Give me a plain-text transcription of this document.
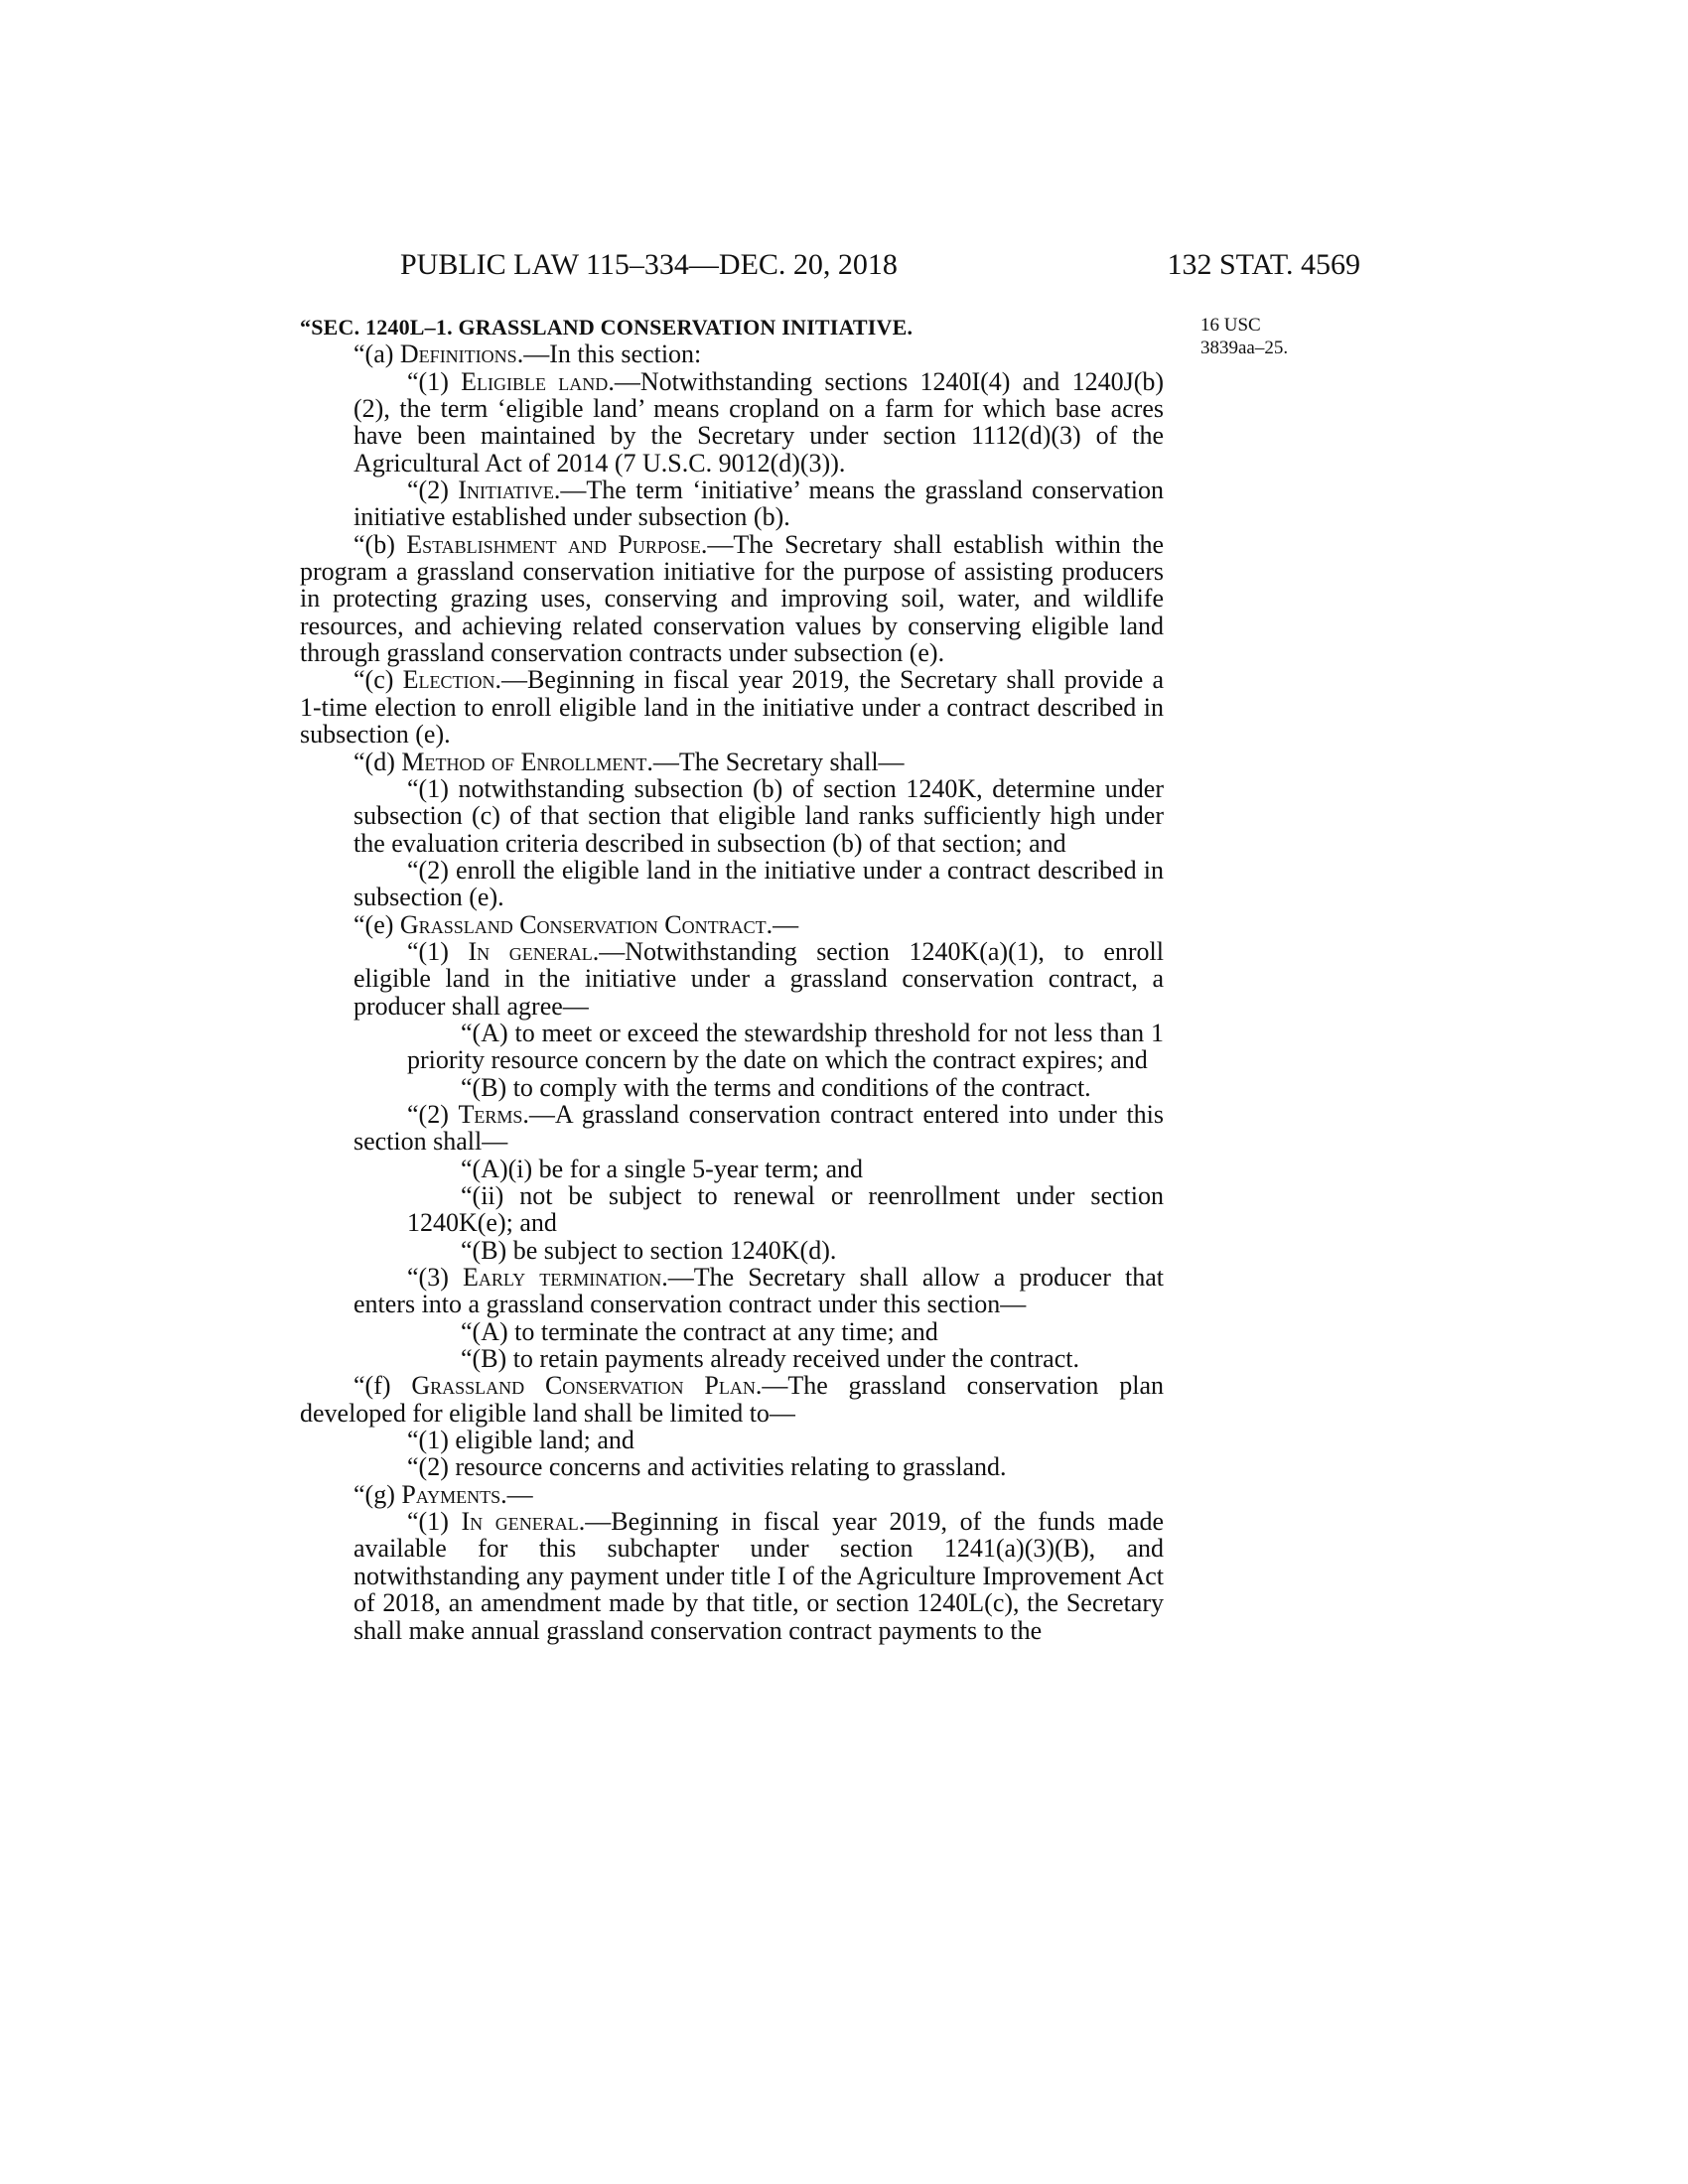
PUBLIC LAW 115–334—DEC. 20, 2018	132 STAT. 4569
16 USC
3839aa–25.

“SEC. 1240L–1. GRASSLAND CONSERVATION INITIATIVE.

“(a) Definitions.—In this section:

“(1) Eligible land.—Notwithstanding sections 1240I(4) and 1240J(b)(2), the term ‘eligible land’ means cropland on a farm for which base acres have been maintained by the Secretary under section 1112(d)(3) of the Agricultural Act of 2014 (7 U.S.C. 9012(d)(3)).

“(2) Initiative.—The term ‘initiative’ means the grassland conservation initiative established under subsection (b).

“(b) Establishment and Purpose.—The Secretary shall establish within the program a grassland conservation initiative for the purpose of assisting producers in protecting grazing uses, conserving and improving soil, water, and wildlife resources, and achieving related conservation values by conserving eligible land through grassland conservation contracts under subsection (e).

“(c) Election.—Beginning in fiscal year 2019, the Secretary shall provide a 1-time election to enroll eligible land in the initiative under a contract described in subsection (e).

“(d) Method of Enrollment.—The Secretary shall—

“(1) notwithstanding subsection (b) of section 1240K, determine under subsection (c) of that section that eligible land ranks sufficiently high under the evaluation criteria described in subsection (b) of that section; and

“(2) enroll the eligible land in the initiative under a contract described in subsection (e).

“(e) Grassland Conservation Contract.—

“(1) In general.—Notwithstanding section 1240K(a)(1), to enroll eligible land in the initiative under a grassland conservation contract, a producer shall agree—

“(A) to meet or exceed the stewardship threshold for not less than 1 priority resource concern by the date on which the contract expires; and

“(B) to comply with the terms and conditions of the contract.

“(2) Terms.—A grassland conservation contract entered into under this section shall—

“(A)(i) be for a single 5-year term; and

“(ii) not be subject to renewal or reenrollment under section 1240K(e); and

“(B) be subject to section 1240K(d).

“(3) Early termination.—The Secretary shall allow a producer that enters into a grassland conservation contract under this section—

“(A) to terminate the contract at any time; and

“(B) to retain payments already received under the contract.

“(f) Grassland Conservation Plan.—The grassland conservation plan developed for eligible land shall be limited to—

“(1) eligible land; and

“(2) resource concerns and activities relating to grassland.

“(g) Payments.—

“(1) In general.—Beginning in fiscal year 2019, of the funds made available for this subchapter under section 1241(a)(3)(B), and notwithstanding any payment under title I of the Agriculture Improvement Act of 2018, an amendment made by that title, or section 1240L(c), the Secretary shall make annual grassland conservation contract payments to the
